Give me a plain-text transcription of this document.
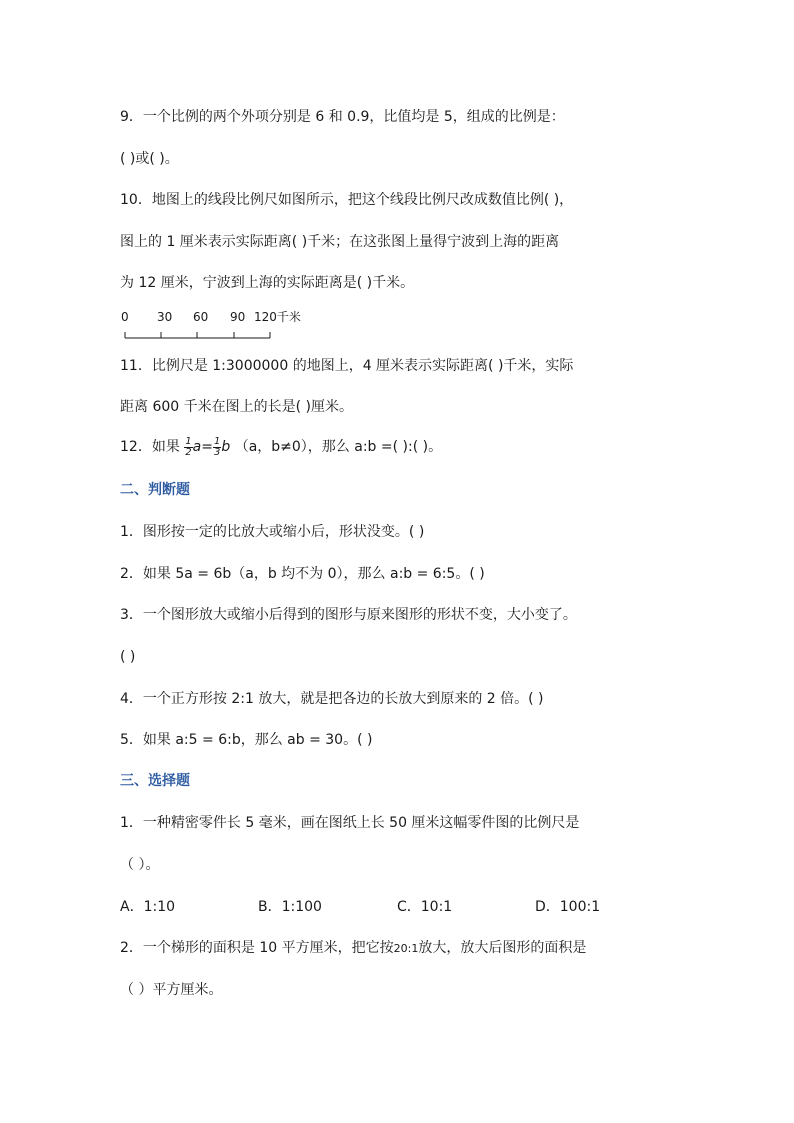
9．一个比例的两个外项分别是 6 和 0.9，比值均是 5，组成的比例是：
( )或( )。
10．地图上的线段比例尺如图所示，把这个线段比例尺改成数值比例( )，
图上的 1 厘米表示实际距离( )千米；在这张图上量得宁波到上海的距离
为 12 厘米，宁波到上海的实际距离是( )千米。
0 30 60 90 120千米
11．比例尺是 1:3000000 的地图上，4 厘米表示实际距离( )千米，实际
距离 600 千米在图上的长是( )厘米。
12．如果 $\frac{1}{2} a= \frac{1}{3}$ b （a，b≠0），那么 a:b =( ):( )。
二、判断题
1．图形按一定的比放大或缩小后，形状没变。( )
2．如果 5a = 6b（a，b 均不为 0），那么 a:b = 6:5。( )
3．一个图形放大或缩小后得到的图形与原来图形的形状不变，大小变了。
( )
4．一个正方形按 2:1 放大，就是把各边的长放大到原来的 2 倍。( )
5．如果 a:5 = 6:b，那么 ab = 30。( )
三、选择题
1．一种精密零件长 5 毫米，画在图纸上长 50 厘米这幅零件图的比例尺是
（ ）。
A．1:10	B．1:100	C．10:1	D．100:1
2．一个梯形的面积是 10 平方厘米，把它按20:1放大，放大后图形的面积是
（ ）平方厘米。
